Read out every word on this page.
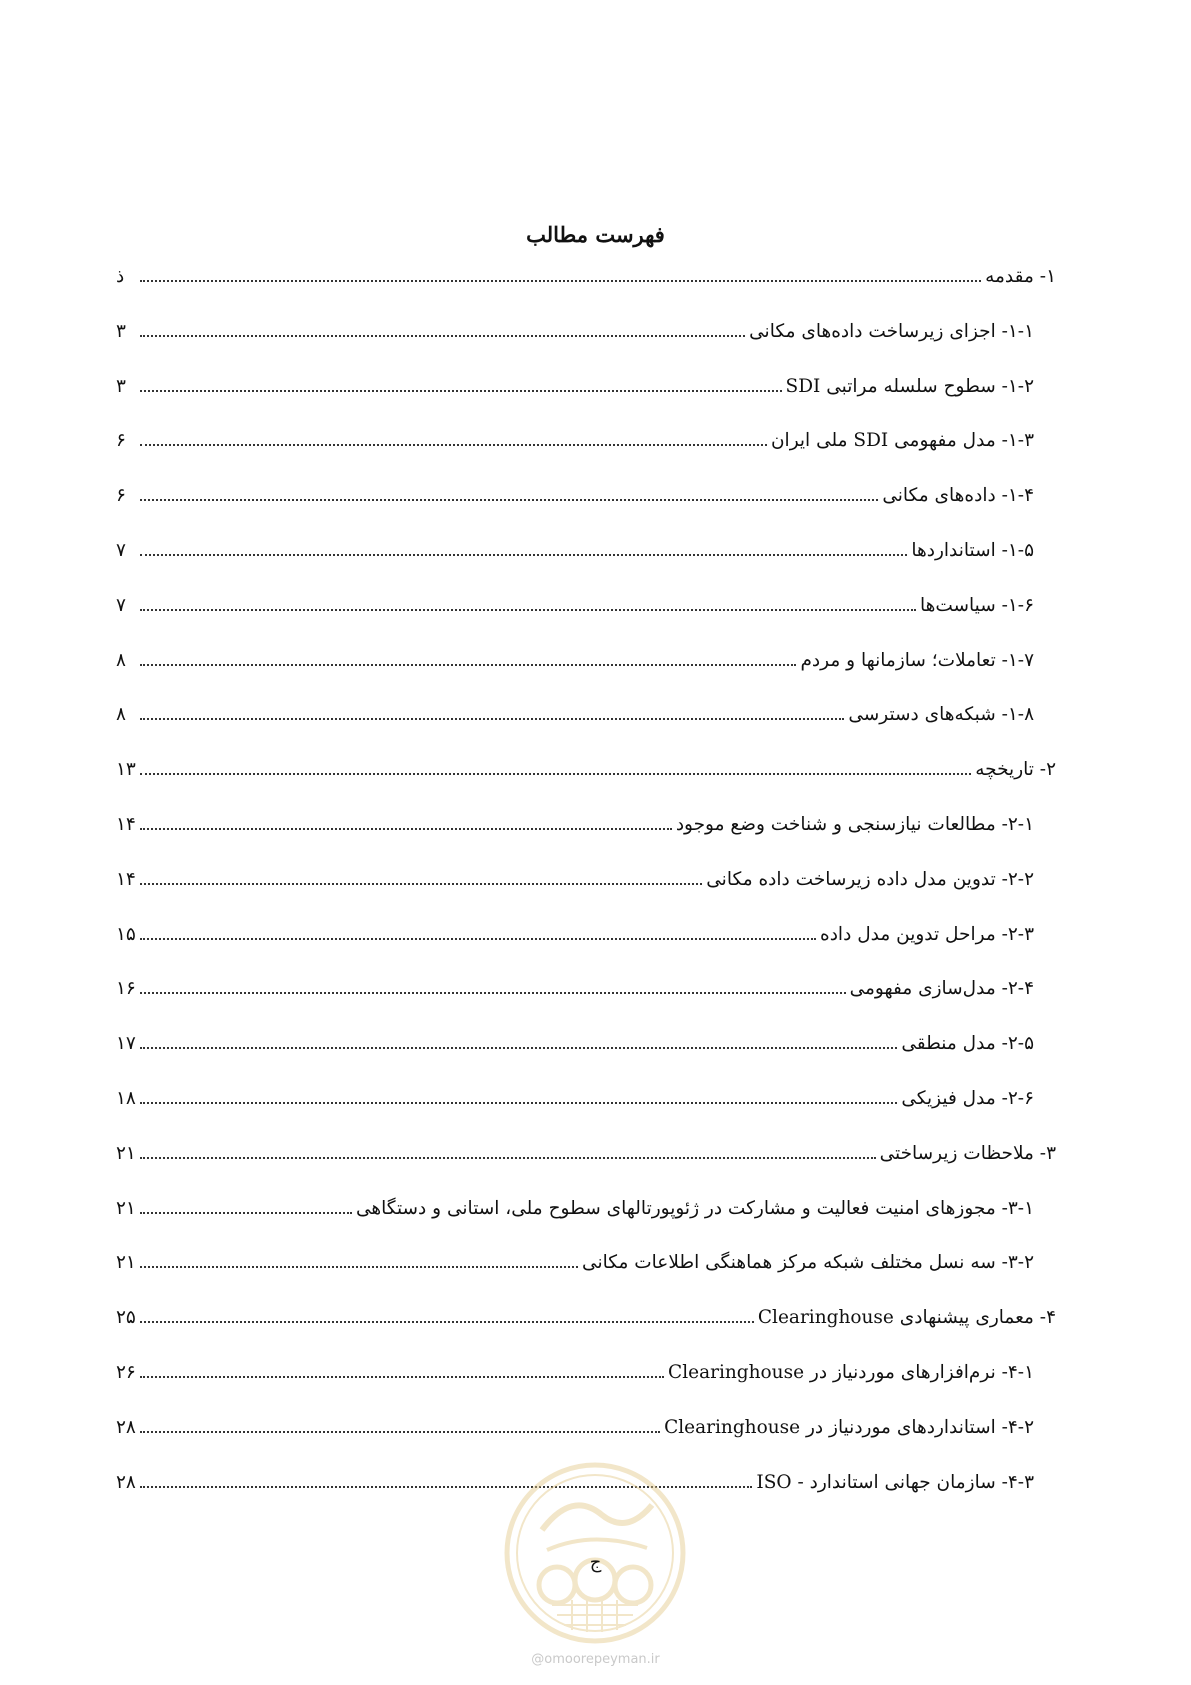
فهرست مطالب
۱- مقدمه
ذ
۱-۱- اجزای زیرساخت داده‌های مکانی
۳
۱-۲- سطوح سلسله مراتبی SDI
۳
۱-۳- مدل مفهومی SDI ملی ایران
۶
۱-۴- داده‌های مکانی
۶
۱-۵- استانداردها
۷
۱-۶- سیاست‌ها
۷
۱-۷- تعاملات؛ سازمانها و مردم
۸
۱-۸- شبکه‌های دسترسی
۸
۲- تاریخچه
۱۳
۲-۱- مطالعات نیازسنجی و شناخت وضع موجود
۱۴
۲-۲- تدوین مدل داده زیرساخت داده مکانی
۱۴
۲-۳- مراحل تدوین مدل داده
۱۵
۲-۴- مدل‌سازی مفهومی
۱۶
۲-۵- مدل منطقی
۱۷
۲-۶- مدل فیزیکی
۱۸
۳- ملاحظات زیرساختی
۲۱
۳-۱- مجوزهای امنیت فعالیت و مشارکت در ژئوپورتالهای سطوح ملی، استانی و دستگاهی
۲۱
۳-۲- سه نسل مختلف شبکه مرکز هماهنگی اطلاعات مکانی
۲۱
۴- معماری پیشنهادی Clearinghouse
۲۵
۴-۱- نرم‌افزارهای موردنیاز در Clearinghouse
۲۶
۴-۲- استانداردهای موردنیاز در Clearinghouse
۲۸
۴-۳- سازمان جهانی استاندارد - ISO
۲۸
ج
@omoorepeyman.ir
